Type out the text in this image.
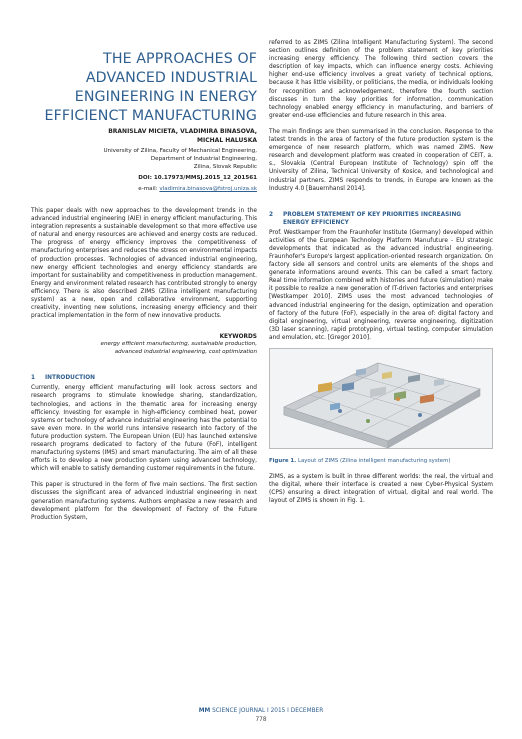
THE APPROACHES OF ADVANCED INDUSTRIAL ENGINEERING IN ENERGY EFFICIENCT MANUFACTURING
BRANISLAV MICIETA, VLADIMIRA BINASOVA,
MICHAL HALUSKA
University of Zilina, Faculty of Mechanical Engineering,
Department of Industrial Engineering,
Zilina, Slovak Republic
DOI: 10.17973/MMSJ.2015_12_201561
e-mail: vladimira.binasova@fstroj.uniza.sk

This paper deals with new approaches to the development trends in the advanced industrial engineering (AIE) in energy efficient manufacturing. This integration represents a sustainable development so that more effective use of natural and energy resources are achieved and energy costs are reduced. The progress of energy efficiency improves the competitiveness of manufacturing enterprises and reduces the stress on environmental impacts of production processes. Technologies of advanced industrial engineering, new energy efficient technologies and energy efficiency standards are important for sustainability and competitiveness in production management. Energy and environment related research has contributed strongly to energy efficiency. There is also described ZIMS (Zilina intelligent manufacturing system) as a new, open and collaborative environment, supporting creativity, inventing new solutions, increasing energy efficiency and their practical implementation in the form of new innovative products.

KEYWORDS
energy efficient manufacturing, sustainable production,
advanced industrial engineering, cost optimization
1 INTRODUCTION

Currently, energy efficient manufacturing will look across sectors and research programs to stimulate knowledge sharing, standardization, technologies, and actions in the thematic area for increasing energy efficiency. Investing for example in high-efficiency combined heat, power systems or technology of advance industrial engineering has the potential to save even more. In the world runs intensive research into factory of the future production system. The European Union (EU) has launched extensive research programs dedicated to factory of the future (FoF), intelligent manufacturing systems (IMS) and smart manufacturing. The aim of all these efforts is to develop a new production system using advanced technology, which will enable to satisfy demanding customer requirements in the future.

This paper is structured in the form of five main sections. The first section discusses the significant area of advanced industrial engineering in next generation manufacturing systems. Authors emphasize a new research and development platform for the development of Factory of the Future Production System,

referred to as ZIMS (Zilina Intelligent Manufacturing System). The second section outlines definition of the problem statement of key priorities increasing energy efficiency. The following third section covers the description of key impacts, which can influence energy costs. Achieving higher end-use efficiency involves a great variety of technical options, because it has little visibility, or politicians, the media, or individuals looking for recognition and acknowledgement, therefore the fourth section discusses in turn the key priorities for information, communication technology enabled energy efficiency in manufacturing, and barriers of greater end-use efficiencies and future research in this area.

The main findings are then summarised in the conclusion. Response to the latest trends in the area of factory of the future production system is the emergence of new research platform, which was named ZIMS. New research and development platform was created in cooperation of CEIT, a. s., Slovakia (Central European Institute of Technology) spin off the University of Zilina, Technical University of Kosice, and technological and industrial partners. ZIMS responds to trends, in Europe are known as the Industry 4.0 [Bauernhansl 2014].

2 PROBLEM STATEMENT OF KEY PRIORITIES INCREASING
ENERGY EFFICIENCY

Prof. Westkamper from the Fraunhofer Institute (Germany) developed within activities of the European Technology Platform Manufuture - EU strategic developments that indicated as the advanced industrial engineering. Fraunhofer's Europe's largest application-oriented research organization. On factory side all sensors and control units are elements of the shops and generate informations around events. This can be called a smart factory. Real time information combined with histories and future (simulation) make it possible to realize a new generation of IT-driven factories and enterprises [Westkamper 2010]. ZIMS uses the most advanced technologies of advanced industrial engineering for the design, optimization and operation of factory of the future (FoF), especially in the area of: digital factory and digital engineering, virtual engineering, reverse engineering, digitization (3D laser scanning), rapid prototyping, virtual testing, computer simulation and emulation, etc. [Gregor 2010].

Figure 1. Layout of ZIMS (Zilina intelligent manufacturing system)

ZIMS, as a system is built in three different worlds: the real, the virtual and the digital, where their interface is created a new Cyber-Physical System (CPS) ensuring a direct integration of virtual, digital and real world. The layout of ZIMS is shown in Fig. 1.

MM SCIENCE JOURNAL I 2015 I DECEMBER
778
